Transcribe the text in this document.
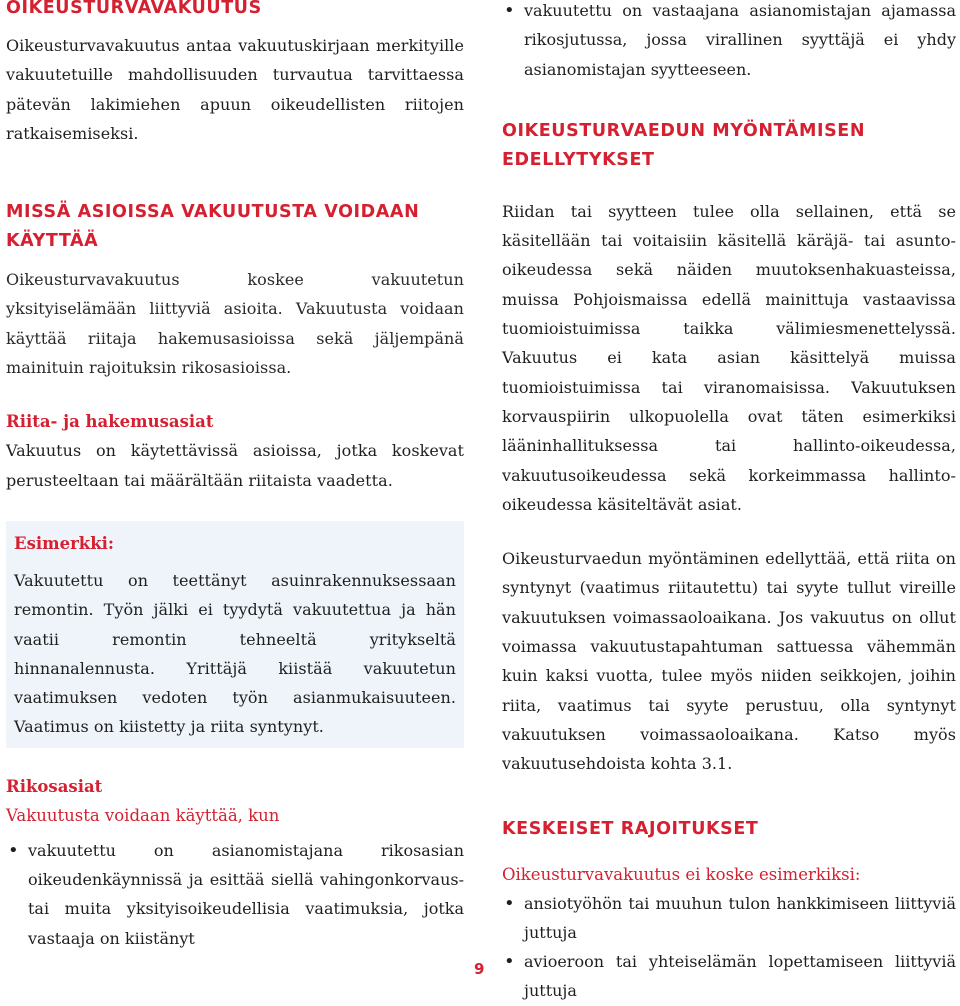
OIKEUSTURVAVAKUUTUS

Oikeusturvavakuutus antaa vakuutuskirjaan merkityille vakuutetuille mahdollisuuden turvautua tarvittaessa pätevän lakimiehen apuun oikeudellisten riitojen ratkaisemiseksi.

MISSÄ ASIOISSA VAKUUTUSTA VOIDAAN KÄYTTÄÄ

Oikeusturvavakuutus koskee vakuutetun yksityiselämään liittyviä asioita. Vakuutusta voidaan käyttää riitaja hakemusasioissa sekä jäljempänä mainituin rajoituksin rikosasioissa.

Riita- ja hakemusasiat

Vakuutus on käytettävissä asioissa, jotka koskevat perusteeltaan tai määrältään riitaista vaadetta.

Esimerkki:

Vakuutettu on teettänyt asuinrakennuksessaan remontin. Työn jälki ei tyydytä vakuutettua ja hän vaatii remontin tehneeltä yritykseltä hinnanalennusta. Yrittäjä kiistää vakuutetun vaatimuksen vedoten työn asianmukaisuuteen. Vaatimus on kiistetty ja riita syntynyt.

Rikosasiat

Vakuutusta voidaan käyttää, kun

• vakuutettu on asianomistajana rikosasian oikeudenkäynnissä ja esittää siellä vahingonkorvaus- tai muita yksityisoikeudellisia vaatimuksia, jotka vastaaja on kiistänyt
• vakuutettu on vastaajana asianomistajan ajamassa rikosjutussa, jossa virallinen syyttäjä ei yhdy asianomistajan syytteeseen.
OIKEUSTURVAEDUN MYÖNTÄMISEN EDELLYTYKSET

Riidan tai syytteen tulee olla sellainen, että se käsitellään tai voitaisiin käsitellä käräjä- tai asunto-oikeudessa sekä näiden muutoksenhakuasteissa, muissa Pohjoismaissa edellä mainittuja vastaavissa tuomioistuimissa taikka välimiesmenettelyssä. Vakuutus ei kata asian käsittelyä muissa tuomioistuimissa tai viranomaisissa. Vakuutuksen korvauspiirin ulkopuolella ovat täten esimerkiksi lääninhallituksessa tai hallinto-oikeudessa, vakuutusoikeudessa sekä korkeimmassa hallinto-oikeudessa käsiteltävät asiat.

Oikeusturvaedun myöntäminen edellyttää, että riita on syntynyt (vaatimus riitautettu) tai syyte tullut vireille vakuutuksen voimassaoloaikana. Jos vakuutus on ollut voimassa vakuutustapahtuman sattuessa vähemmän kuin kaksi vuotta, tulee myös niiden seikkojen, joihin riita, vaatimus tai syyte perustuu, olla syntynyt vakuutuksen voimassaoloaikana. Katso myös vakuutusehdoista kohta 3.1.

KESKEISET RAJOITUKSET

Oikeusturvavakuutus ei koske esimerkiksi:

• ansiotyöhön tai muuhun tulon hankkimiseen liittyviä juttuja
• avioeroon tai yhteiselämän lopettamiseen liittyviä juttuja
9
